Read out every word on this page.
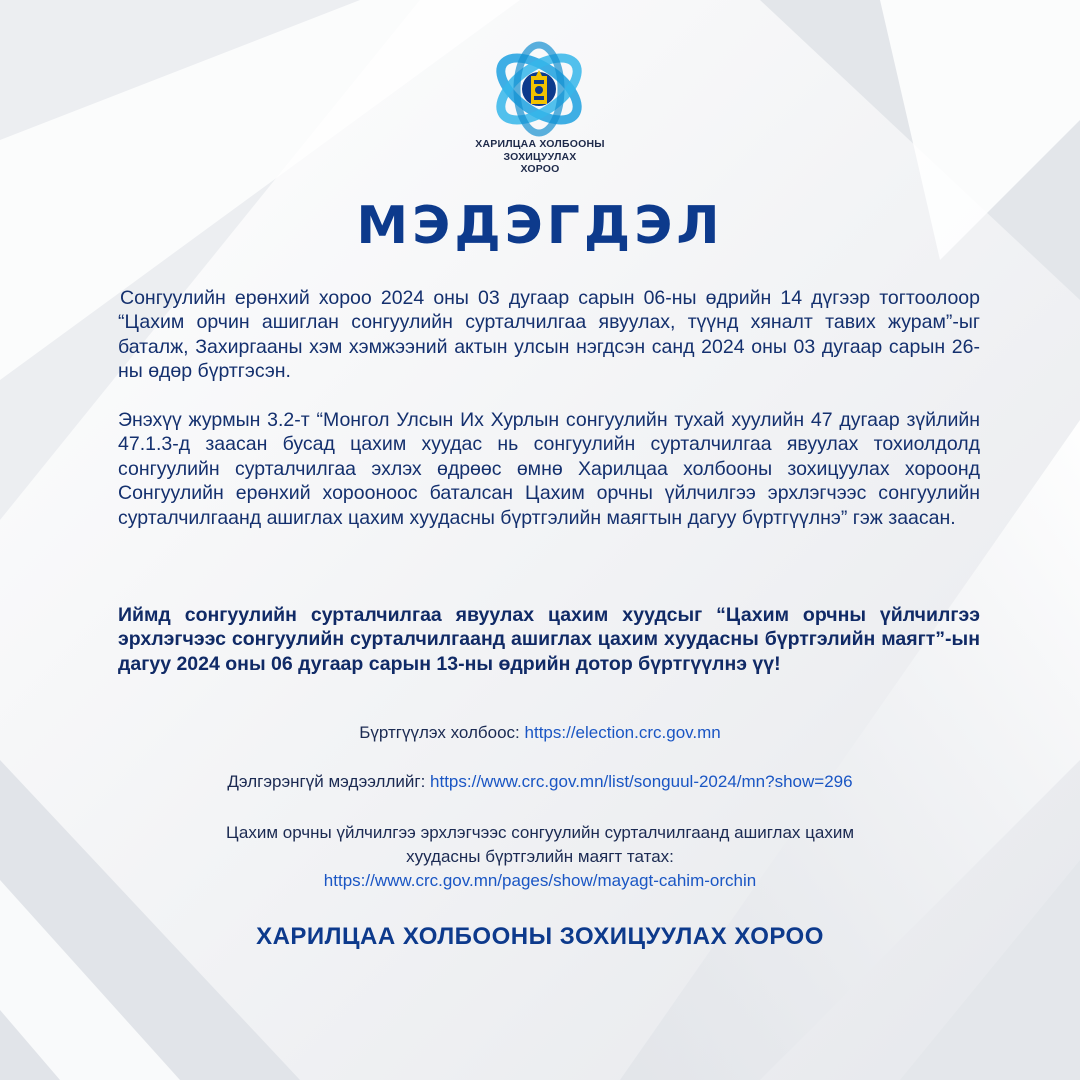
ХАРИЛЦАА ХОЛБООНЫ
ЗОХИЦУУЛАХ
ХОРОО
МЭДЭГДЭЛ

Сонгуулийн ерөнхий хороо 2024 оны 03 дугаар сарын 06-ны өдрийн 14 дүгээр тогтоолоор “Цахим орчин ашиглан сонгуулийн сурталчилгаа явуулах, түүнд хяналт тавих журам”-ыг баталж, Захиргааны хэм хэмжээний актын улсын нэгдсэн санд 2024 оны 03 дугаар сарын 26-ны өдөр бүртгэсэн.

Энэхүү журмын 3.2-т “Монгол Улсын Их Хурлын сонгуулийн тухай хуулийн 47 дугаар зүйлийн 47.1.3-д заасан бусад цахим хуудас нь сонгуулийн сурталчилгаа явуулах тохиолдолд сонгуулийн сурталчилгаа эхлэх өдрөөс өмнө Харилцаа холбооны зохицуулах хороонд Сонгуулийн ерөнхий хорооноос баталсан Цахим орчны үйлчилгээ эрхлэгчээс сонгуулийн сурталчилгаанд ашиглах цахим хуудасны бүртгэлийн маягтын дагуу бүртгүүлнэ” гэж заасан.

Иймд сонгуулийн сурталчилгаа явуулах цахим хуудсыг “Цахим орчны үйлчилгээ эрхлэгчээс сонгуулийн сурталчилгаанд ашиглах цахим хуудасны бүртгэлийн маягт”-ын дагуу 2024 оны 06 дугаар сарын 13-ны өдрийн дотор бүртгүүлнэ үү!

Бүртгүүлэх холбоос: https://election.crc.gov.mn
Дэлгэрэнгүй мэдээллийг: https://www.crc.gov.mn/list/songuul-2024/mn?show=296
Цахим орчны үйлчилгээ эрхлэгчээс сонгуулийн сурталчилгаанд ашиглах цахим
хуудасны бүртгэлийн маягт татах:
https://www.crc.gov.mn/pages/show/mayagt-cahim-orchin
ХАРИЛЦАА ХОЛБООНЫ ЗОХИЦУУЛАХ ХОРОО
